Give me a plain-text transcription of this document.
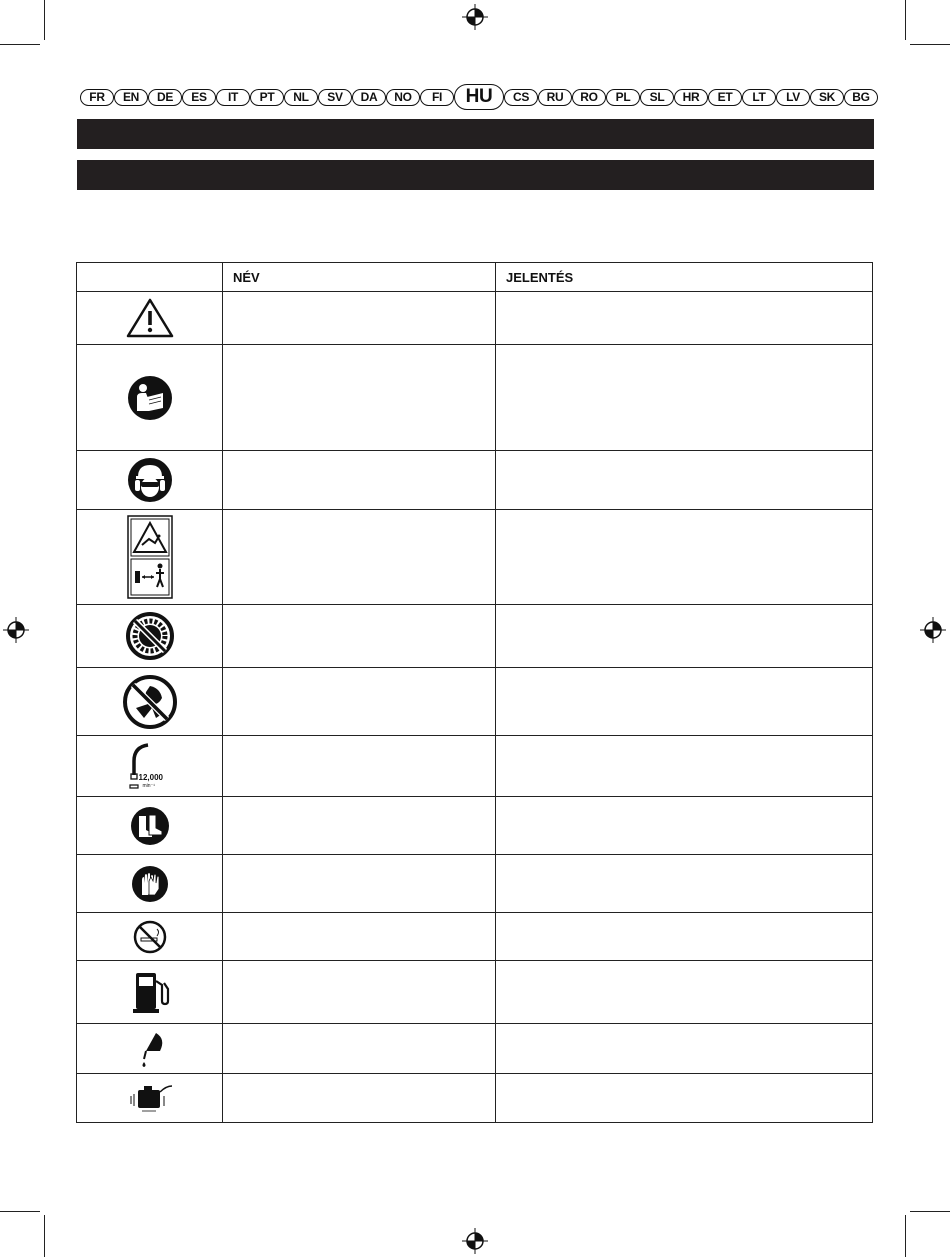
FR	EN	DE	ES	IT	PT	NL	SV	DA	NO	FI	HU	CS	RU	RO	PL	SL	HR	ET	LT	LV	SK	BG
	NÉV	JELENTÉS

12,000
min⁻¹		
